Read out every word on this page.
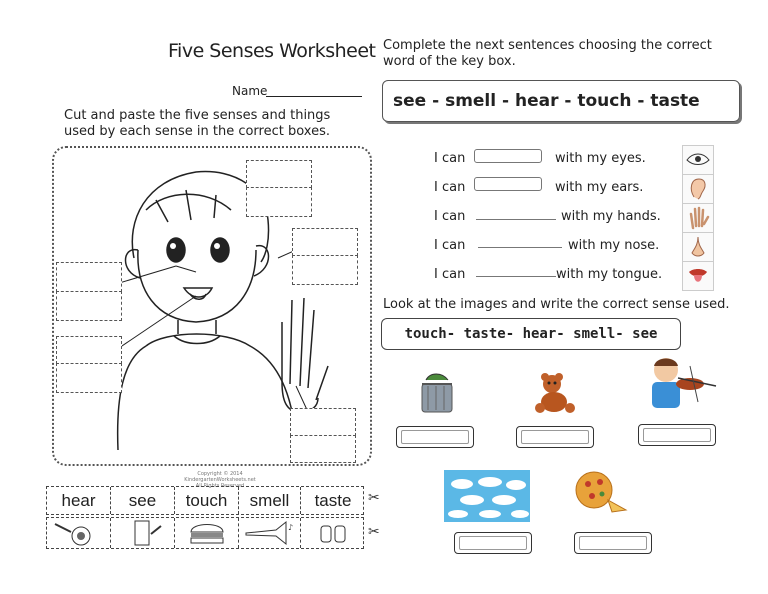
Five Senses Worksheet
Name
Cut and paste the five senses and things used by each sense in the correct boxes.
Copyright © 2014 KindergartenWorksheets.net
All Rights Reserved
hear	see	touch	smell	taste	✂
♪	✂
Complete the next sentences choosing the correct word of the key box.
see - smell - hear - touch - taste
I can	with my eyes.
I can	with my ears.
I can	with my hands.
I can	with my nose.
I can	with my tongue.
Look at the images and write the correct sense used.
touch- taste- hear- smell- see
